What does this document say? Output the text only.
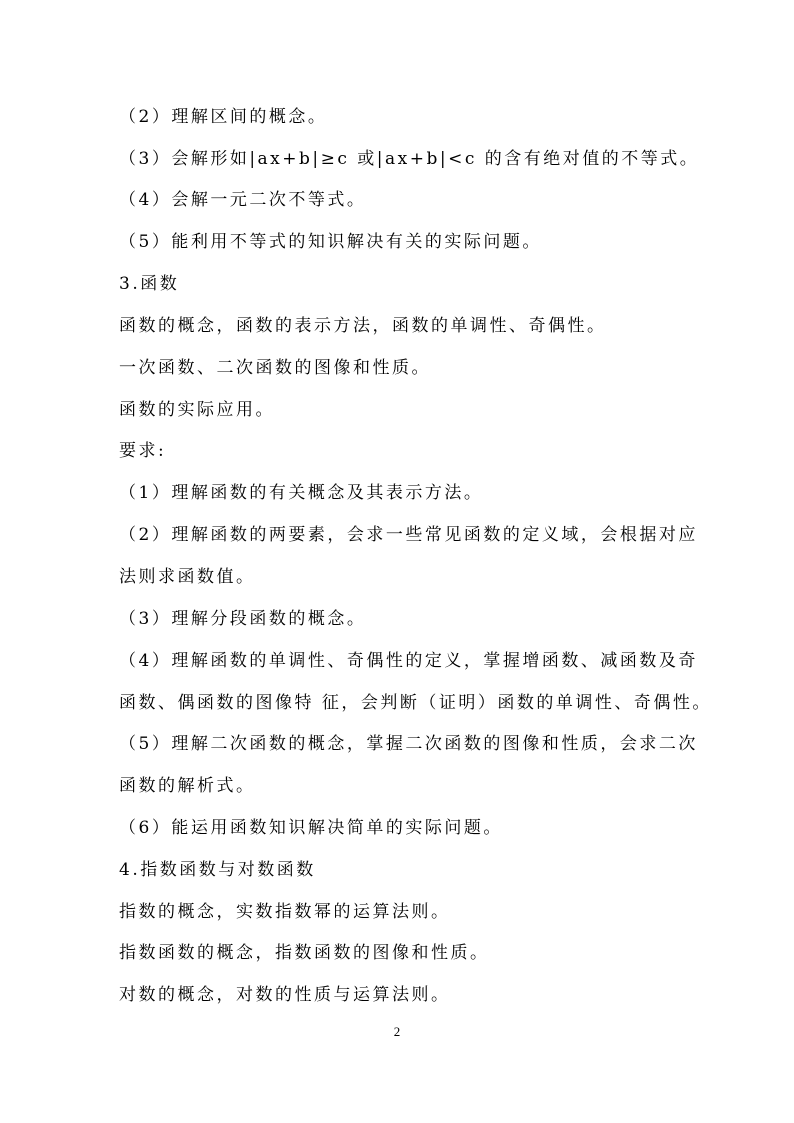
（2）理解区间的概念。
（3）会解形如|ax+b|≥c 或|ax+b|<c 的含有绝对值的不等式。
（4）会解一元二次不等式。
（5）能利用不等式的知识解决有关的实际问题。
3.函数
函数的概念，函数的表示方法，函数的单调性、奇偶性。
一次函数、二次函数的图像和性质。
函数的实际应用。
要求:
（1）理解函数的有关概念及其表示方法。
（2）理解函数的两要素，会求一些常见函数的定义域，会根据对应
法则求函数值。
（3）理解分段函数的概念。
（4）理解函数的单调性、奇偶性的定义，掌握增函数、减函数及奇
函数、偶函数的图像特 征，会判断（证明）函数的单调性、奇偶性。
（5）理解二次函数的概念，掌握二次函数的图像和性质，会求二次
函数的解析式。
（6）能运用函数知识解决简单的实际问题。
4.指数函数与对数函数
指数的概念，实数指数幂的运算法则。
指数函数的概念，指数函数的图像和性质。
对数的概念，对数的性质与运算法则。
2
